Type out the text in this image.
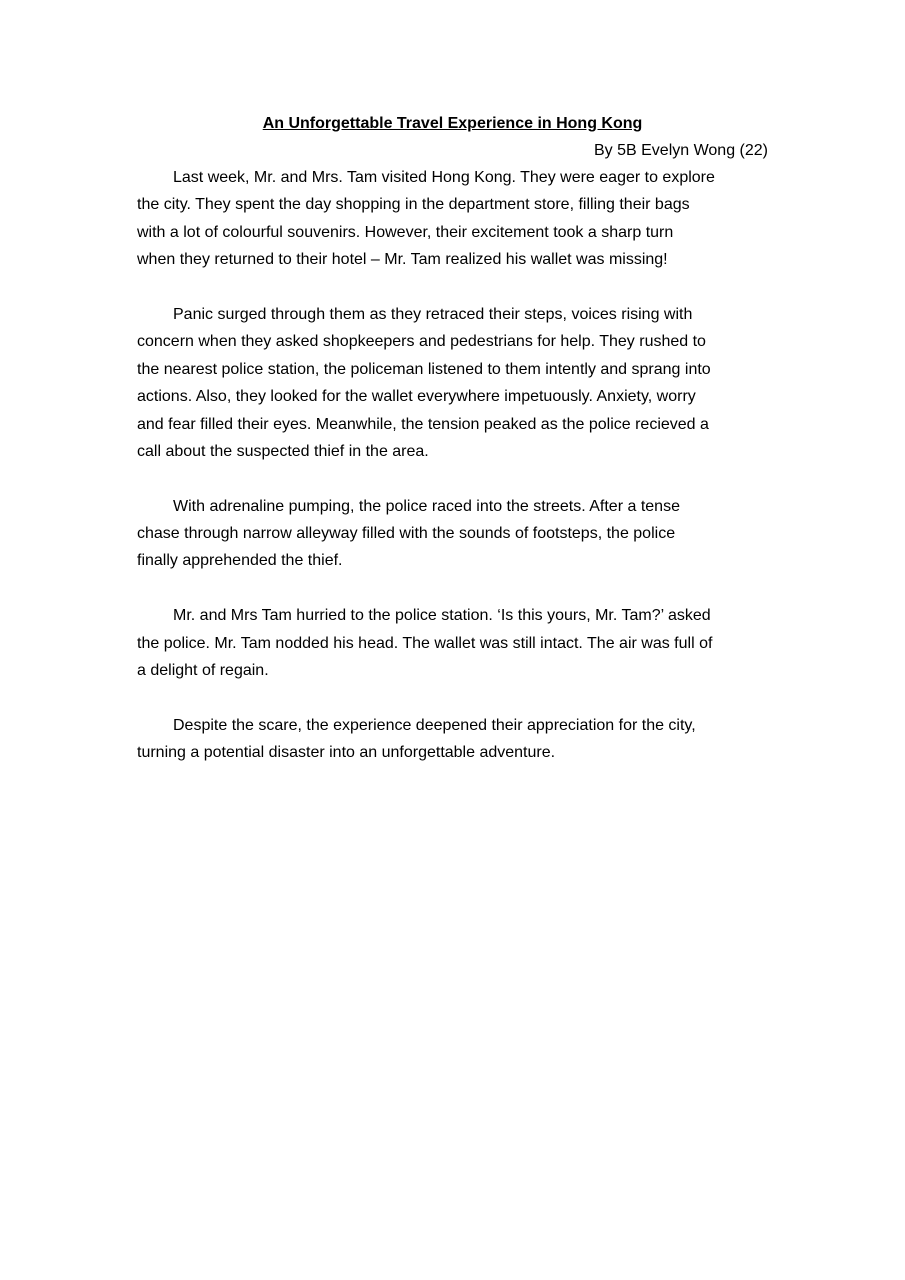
An Unforgettable Travel Experience in Hong Kong
By 5B Evelyn Wong (22)

Last week, Mr. and Mrs. Tam visited Hong Kong. They were eager to explore
the city. They spent the day shopping in the department store, filling their bags
with a lot of colourful souvenirs. However, their excitement took a sharp turn
when they returned to their hotel – Mr. Tam realized his wallet was missing!

Panic surged through them as they retraced their steps, voices rising with
concern when they asked shopkeepers and pedestrians for help. They rushed to
the nearest police station, the policeman listened to them intently and sprang into
actions. Also, they looked for the wallet everywhere impetuously. Anxiety, worry
and fear filled their eyes. Meanwhile, the tension peaked as the police recieved a
call about the suspected thief in the area.

With adrenaline pumping, the police raced into the streets. After a tense
chase through narrow alleyway filled with the sounds of footsteps, the police
finally apprehended the thief.

Mr. and Mrs Tam hurried to the police station. ‘Is this yours, Mr. Tam?’ asked
the police. Mr. Tam nodded his head. The wallet was still intact. The air was full of
a delight of regain.

Despite the scare, the experience deepened their appreciation for the city,
turning a potential disaster into an unforgettable adventure.
